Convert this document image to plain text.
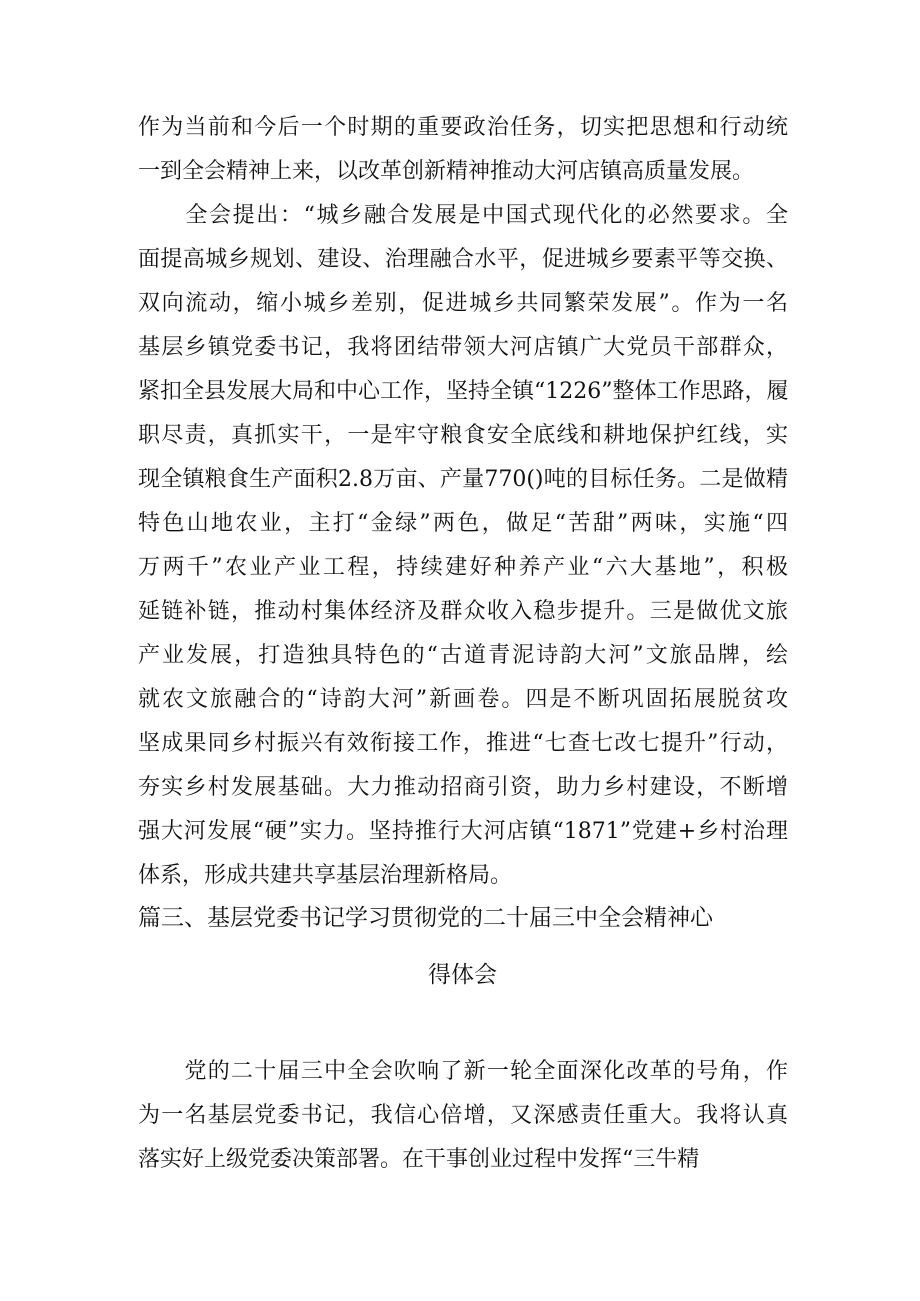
作为当前和今后一个时期的重要政治任务，切实把思想和行动统
一到全会精神上来，以改革创新精神推动大河店镇高质量发展。
　　全会提出：“城乡融合发展是中国式现代化的必然要求。全
面提高城乡规划、建设、治理融合水平，促进城乡要素平等交换、
双向流动，缩小城乡差别，促进城乡共同繁荣发展”。作为一名
基层乡镇党委书记，我将团结带领大河店镇广大党员干部群众，
紧扣全县发展大局和中心工作，坚持全镇“1226”整体工作思路，履
职尽责，真抓实干，一是牢守粮食安全底线和耕地保护红线，实
现全镇粮食生产面积2.8万亩、产量770()吨的目标任务。二是做精
特色山地农业，主打“金绿”两色，做足“苦甜”两味，实施“四
万两千”农业产业工程，持续建好种养产业“六大基地”，积极
延链补链，推动村集体经济及群众收入稳步提升。三是做优文旅
产业发展，打造独具特色的“古道青泥诗韵大河”文旅品牌，绘
就农文旅融合的“诗韵大河”新画卷。四是不断巩固拓展脱贫攻
坚成果同乡村振兴有效衔接工作，推进“七查七改七提升”行动，
夯实乡村发展基础。大力推动招商引资，助力乡村建设，不断增
强大河发展“硬”实力。坚持推行大河店镇“1871”党建+乡村治理
体系，形成共建共享基层治理新格局。
篇三、基层党委书记学习贯彻党的二十届三中全会精神心
得体会
　　党的二十届三中全会吹响了新一轮全面深化改革的号角，作
为一名基层党委书记，我信心倍增，又深感责任重大。我将认真
落实好上级党委决策部署。在干事创业过程中发挥“三牛精
